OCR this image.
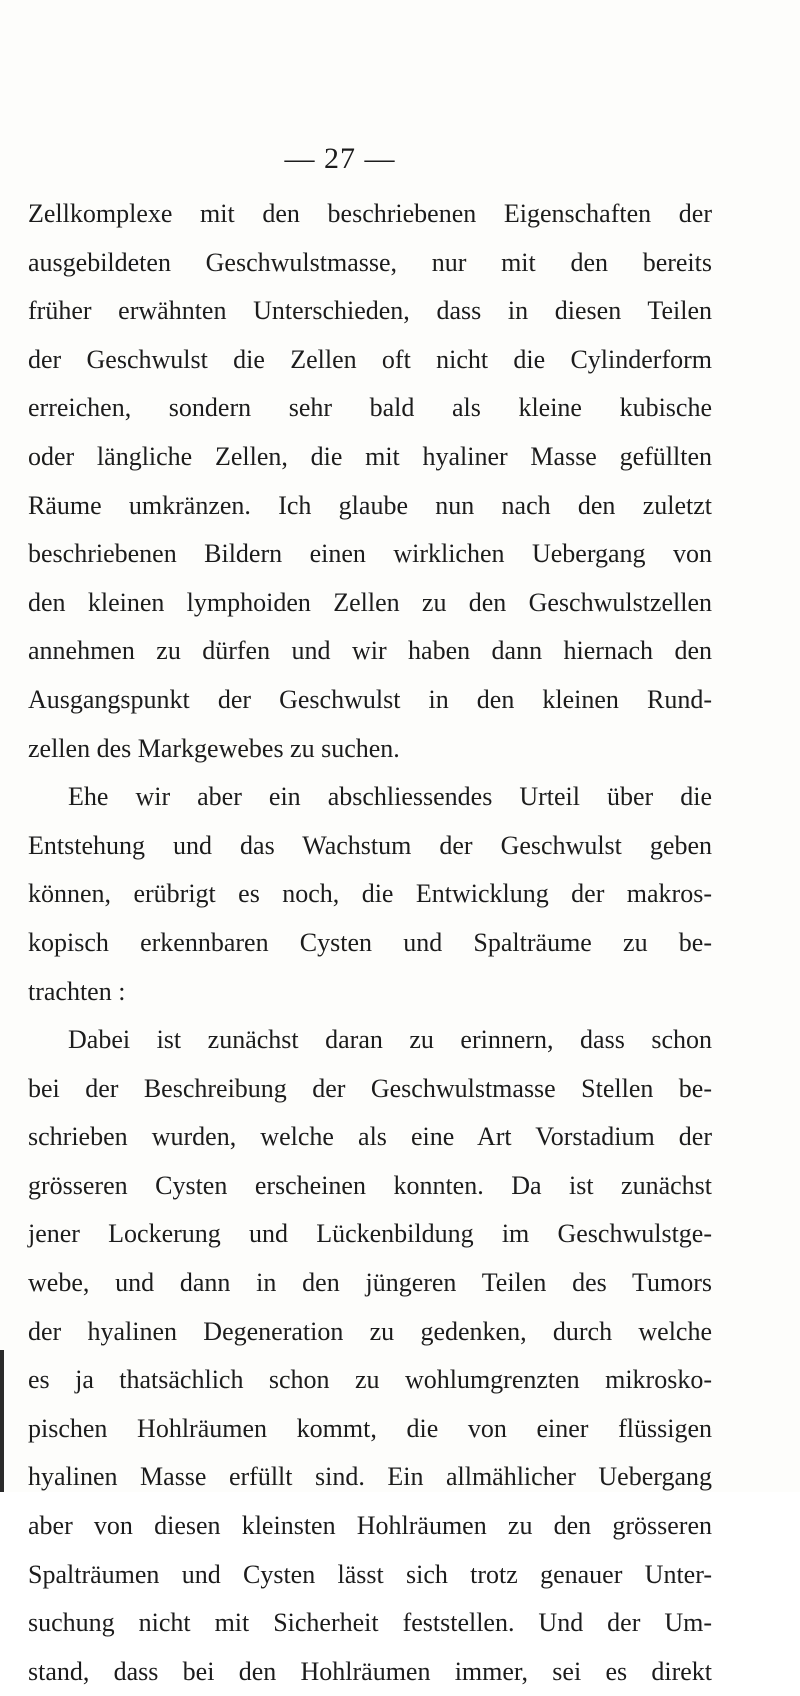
— 27 —
Zellkomplexe mit den beschriebenen Eigenschaften der
ausgebildeten Geschwulstmasse, nur mit den bereits
früher erwähnten Unterschieden, dass in diesen Teilen
der Geschwulst die Zellen oft nicht die Cylinderform
erreichen, sondern sehr bald als kleine kubische
oder längliche Zellen, die mit hyaliner Masse gefüllten
Räume umkränzen. Ich glaube nun nach den zuletzt
beschriebenen Bildern einen wirklichen Uebergang von
den kleinen lymphoiden Zellen zu den Geschwulstzellen
annehmen zu dürfen und wir haben dann hiernach den
Ausgangspunkt der Geschwulst in den kleinen Rund-
zellen des Markgewebes zu suchen.
Ehe wir aber ein abschliessendes Urteil über die
Entstehung und das Wachstum der Geschwulst geben
können, erübrigt es noch, die Entwicklung der makros-
kopisch erkennbaren Cysten und Spalträume zu be-
trachten :
Dabei ist zunächst daran zu erinnern, dass schon
bei der Beschreibung der Geschwulstmasse Stellen be-
schrieben wurden, welche als eine Art Vorstadium der
grösseren Cysten erscheinen konnten. Da ist zunächst
jener Lockerung und Lückenbildung im Geschwulstge-
webe, und dann in den jüngeren Teilen des Tumors
der hyalinen Degeneration zu gedenken, durch welche
es ja thatsächlich schon zu wohlumgrenzten mikrosko-
pischen Hohlräumen kommt, die von einer flüssigen
hyalinen Masse erfüllt sind. Ein allmählicher Uebergang
aber von diesen kleinsten Hohlräumen zu den grösseren
Spalträumen und Cysten lässt sich trotz genauer Unter-
suchung nicht mit Sicherheit feststellen. Und der Um-
stand, dass bei den Hohlräumen immer, sei es direkt
